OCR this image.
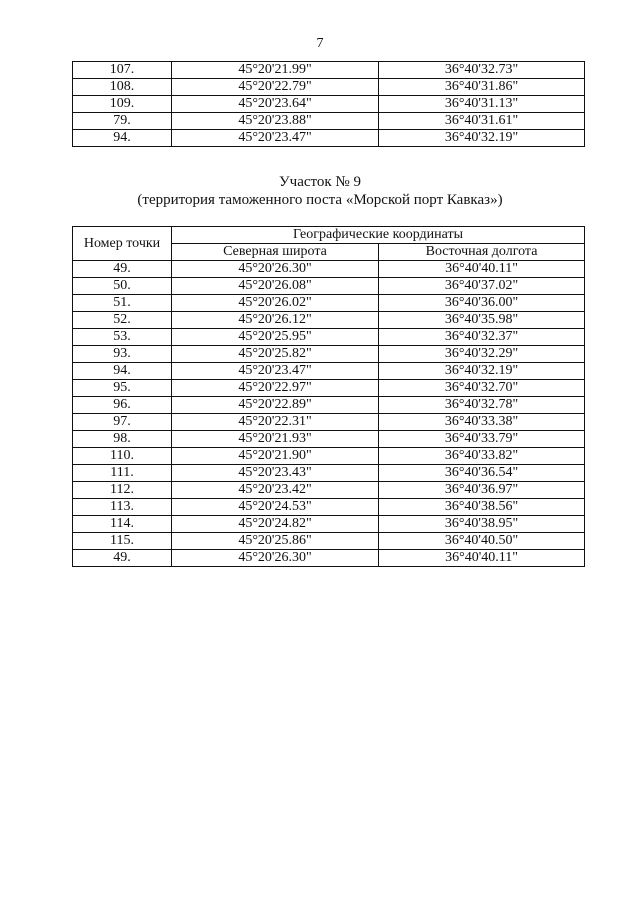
7
107.	45°20'21.99"	36°40'32.73"
108.	45°20'22.79"	36°40'31.86"
109.	45°20'23.64"	36°40'31.13"
79.	45°20'23.88"	36°40'31.61"
94.	45°20'23.47"	36°40'32.19"
Участок № 9
(территория таможенного поста «Морской порт Кавказ»)
Номер точки	Географические координаты	
	Северная широта	Восточная долгота
49.	45°20'26.30"	36°40'40.11"
50.	45°20'26.08"	36°40'37.02"
51.	45°20'26.02"	36°40'36.00"
52.	45°20'26.12"	36°40'35.98"
53.	45°20'25.95"	36°40'32.37"
93.	45°20'25.82"	36°40'32.29"
94.	45°20'23.47"	36°40'32.19"
95.	45°20'22.97"	36°40'32.70"
96.	45°20'22.89"	36°40'32.78"
97.	45°20'22.31"	36°40'33.38"
98.	45°20'21.93"	36°40'33.79"
110.	45°20'21.90"	36°40'33.82"
111.	45°20'23.43"	36°40'36.54"
112.	45°20'23.42"	36°40'36.97"
113.	45°20'24.53"	36°40'38.56"
114.	45°20'24.82"	36°40'38.95"
115.	45°20'25.86"	36°40'40.50"
49.	45°20'26.30"	36°40'40.11"
